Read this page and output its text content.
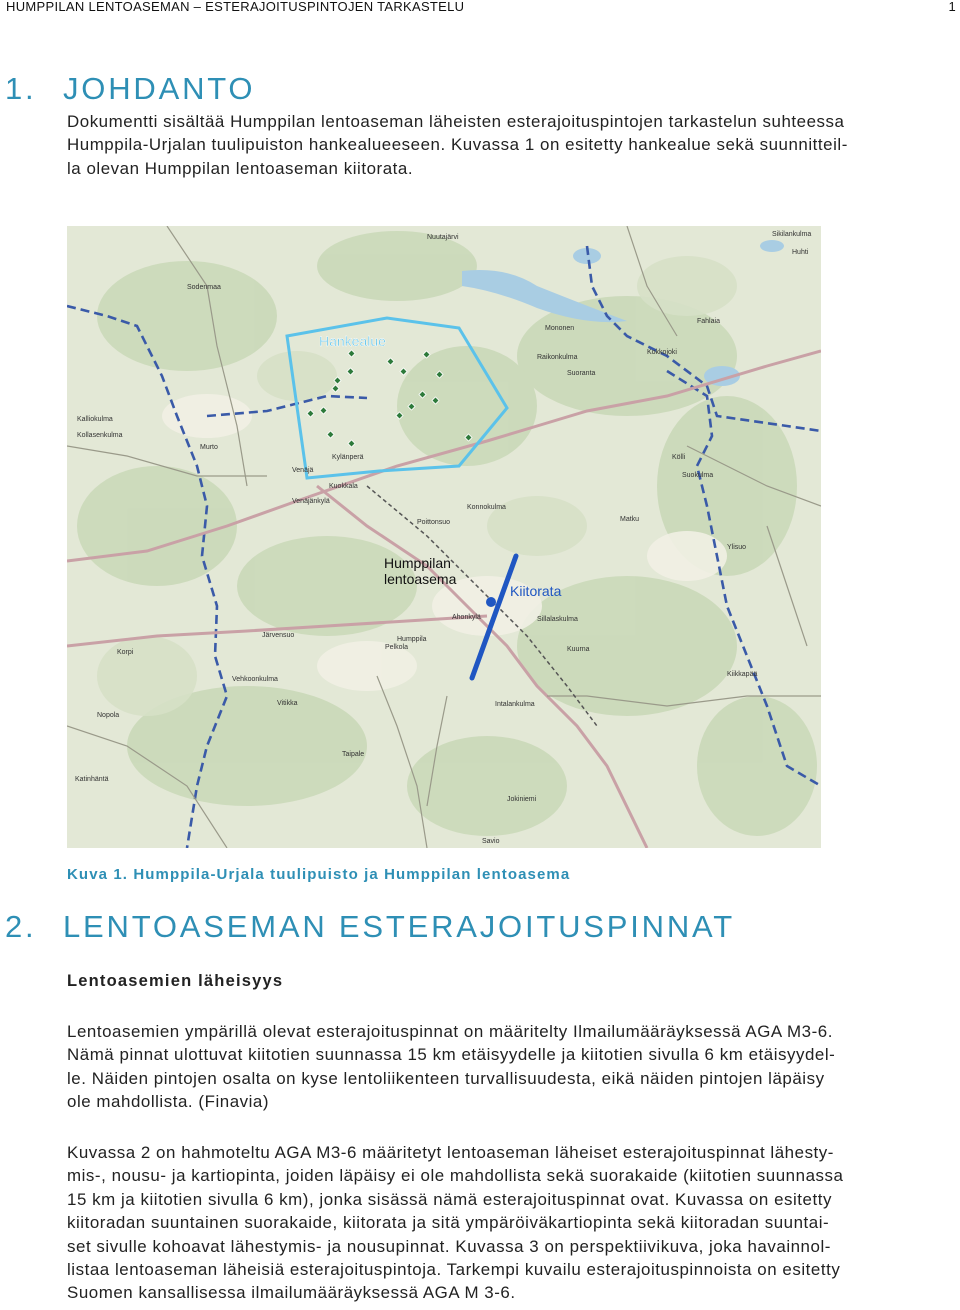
HUMPPILAN LENTOASEMAN – ESTERAJOITUSPINTOJEN TARKASTELU	1
1. JOHDANTO
Dokumentti sisältää Humppilan lentoaseman läheisten esterajoituspintojen tarkastelun suhteessa
Humppila-Urjalan tuulipuiston hankealueeseen. Kuvassa 1 on esitetty hankealue sekä suunnitteil-
la olevan Humppilan lentoaseman kiitorata.
Nuutajärvi
Huhti
Sodenmaa
Sikilankulma
Mononen
Fahlaia
Suoranta
Kokkojoki
Raikonkulma
Kölli
Suokulma
Matku
Ylisuo
Humppila
Järvensuo
Nopola
Vitikka
Korpi
Kalliokulma
Kollasenkulma
Murto
Venäjä
Venäjänkylä
Kuokkala
Poittonsuo
Ahonkylä	Sillalaskulma
Kuurna
Kiikkapää
Intalankulma
Jokiniemi
Katinhäntä
Savio
Vehkoonkulma
Taipale
Pelkola
Konnokulma
Kylänperä
Hankealue
Humppilan
lentoasema
Kiitorata
Kuva 1. Humppila-Urjala tuulipuisto ja Humppilan lentoasema
2. LENTOASEMAN ESTERAJOITUSPINNAT
Lentoasemien läheisyys
Lentoasemien ympärillä olevat esterajoituspinnat on määritelty Ilmailumääräyksessä AGA M3-6.
Nämä pinnat ulottuvat kiitotien suunnassa 15 km etäisyydelle ja kiitotien sivulla 6 km etäisyydel-
le. Näiden pintojen osalta on kyse lentoliikenteen turvallisuudesta, eikä näiden pintojen läpäisy
ole mahdollista. (Finavia)
Kuvassa 2 on hahmoteltu AGA M3-6 määritetyt lentoaseman läheiset esterajoituspinnat lähesty-
mis-, nousu- ja kartiopinta, joiden läpäisy ei ole mahdollista sekä suorakaide (kiitotien suunnassa
15 km ja kiitotien sivulla 6 km), jonka sisässä nämä esterajoituspinnat ovat. Kuvassa on esitetty
kiitoradan suuntainen suorakaide, kiitorata ja sitä ympäröiväkartiopinta sekä kiitoradan suuntai-
set sivulle kohoavat lähestymis- ja nousupinnat. Kuvassa 3 on perspektiivikuva, joka havainnol-
listaa lentoaseman läheisiä esterajoituspintoja. Tarkempi kuvailu esterajoituspinnoista on esitetty
Suomen kansallisessa ilmailumääräyksessä AGA M 3-6.
